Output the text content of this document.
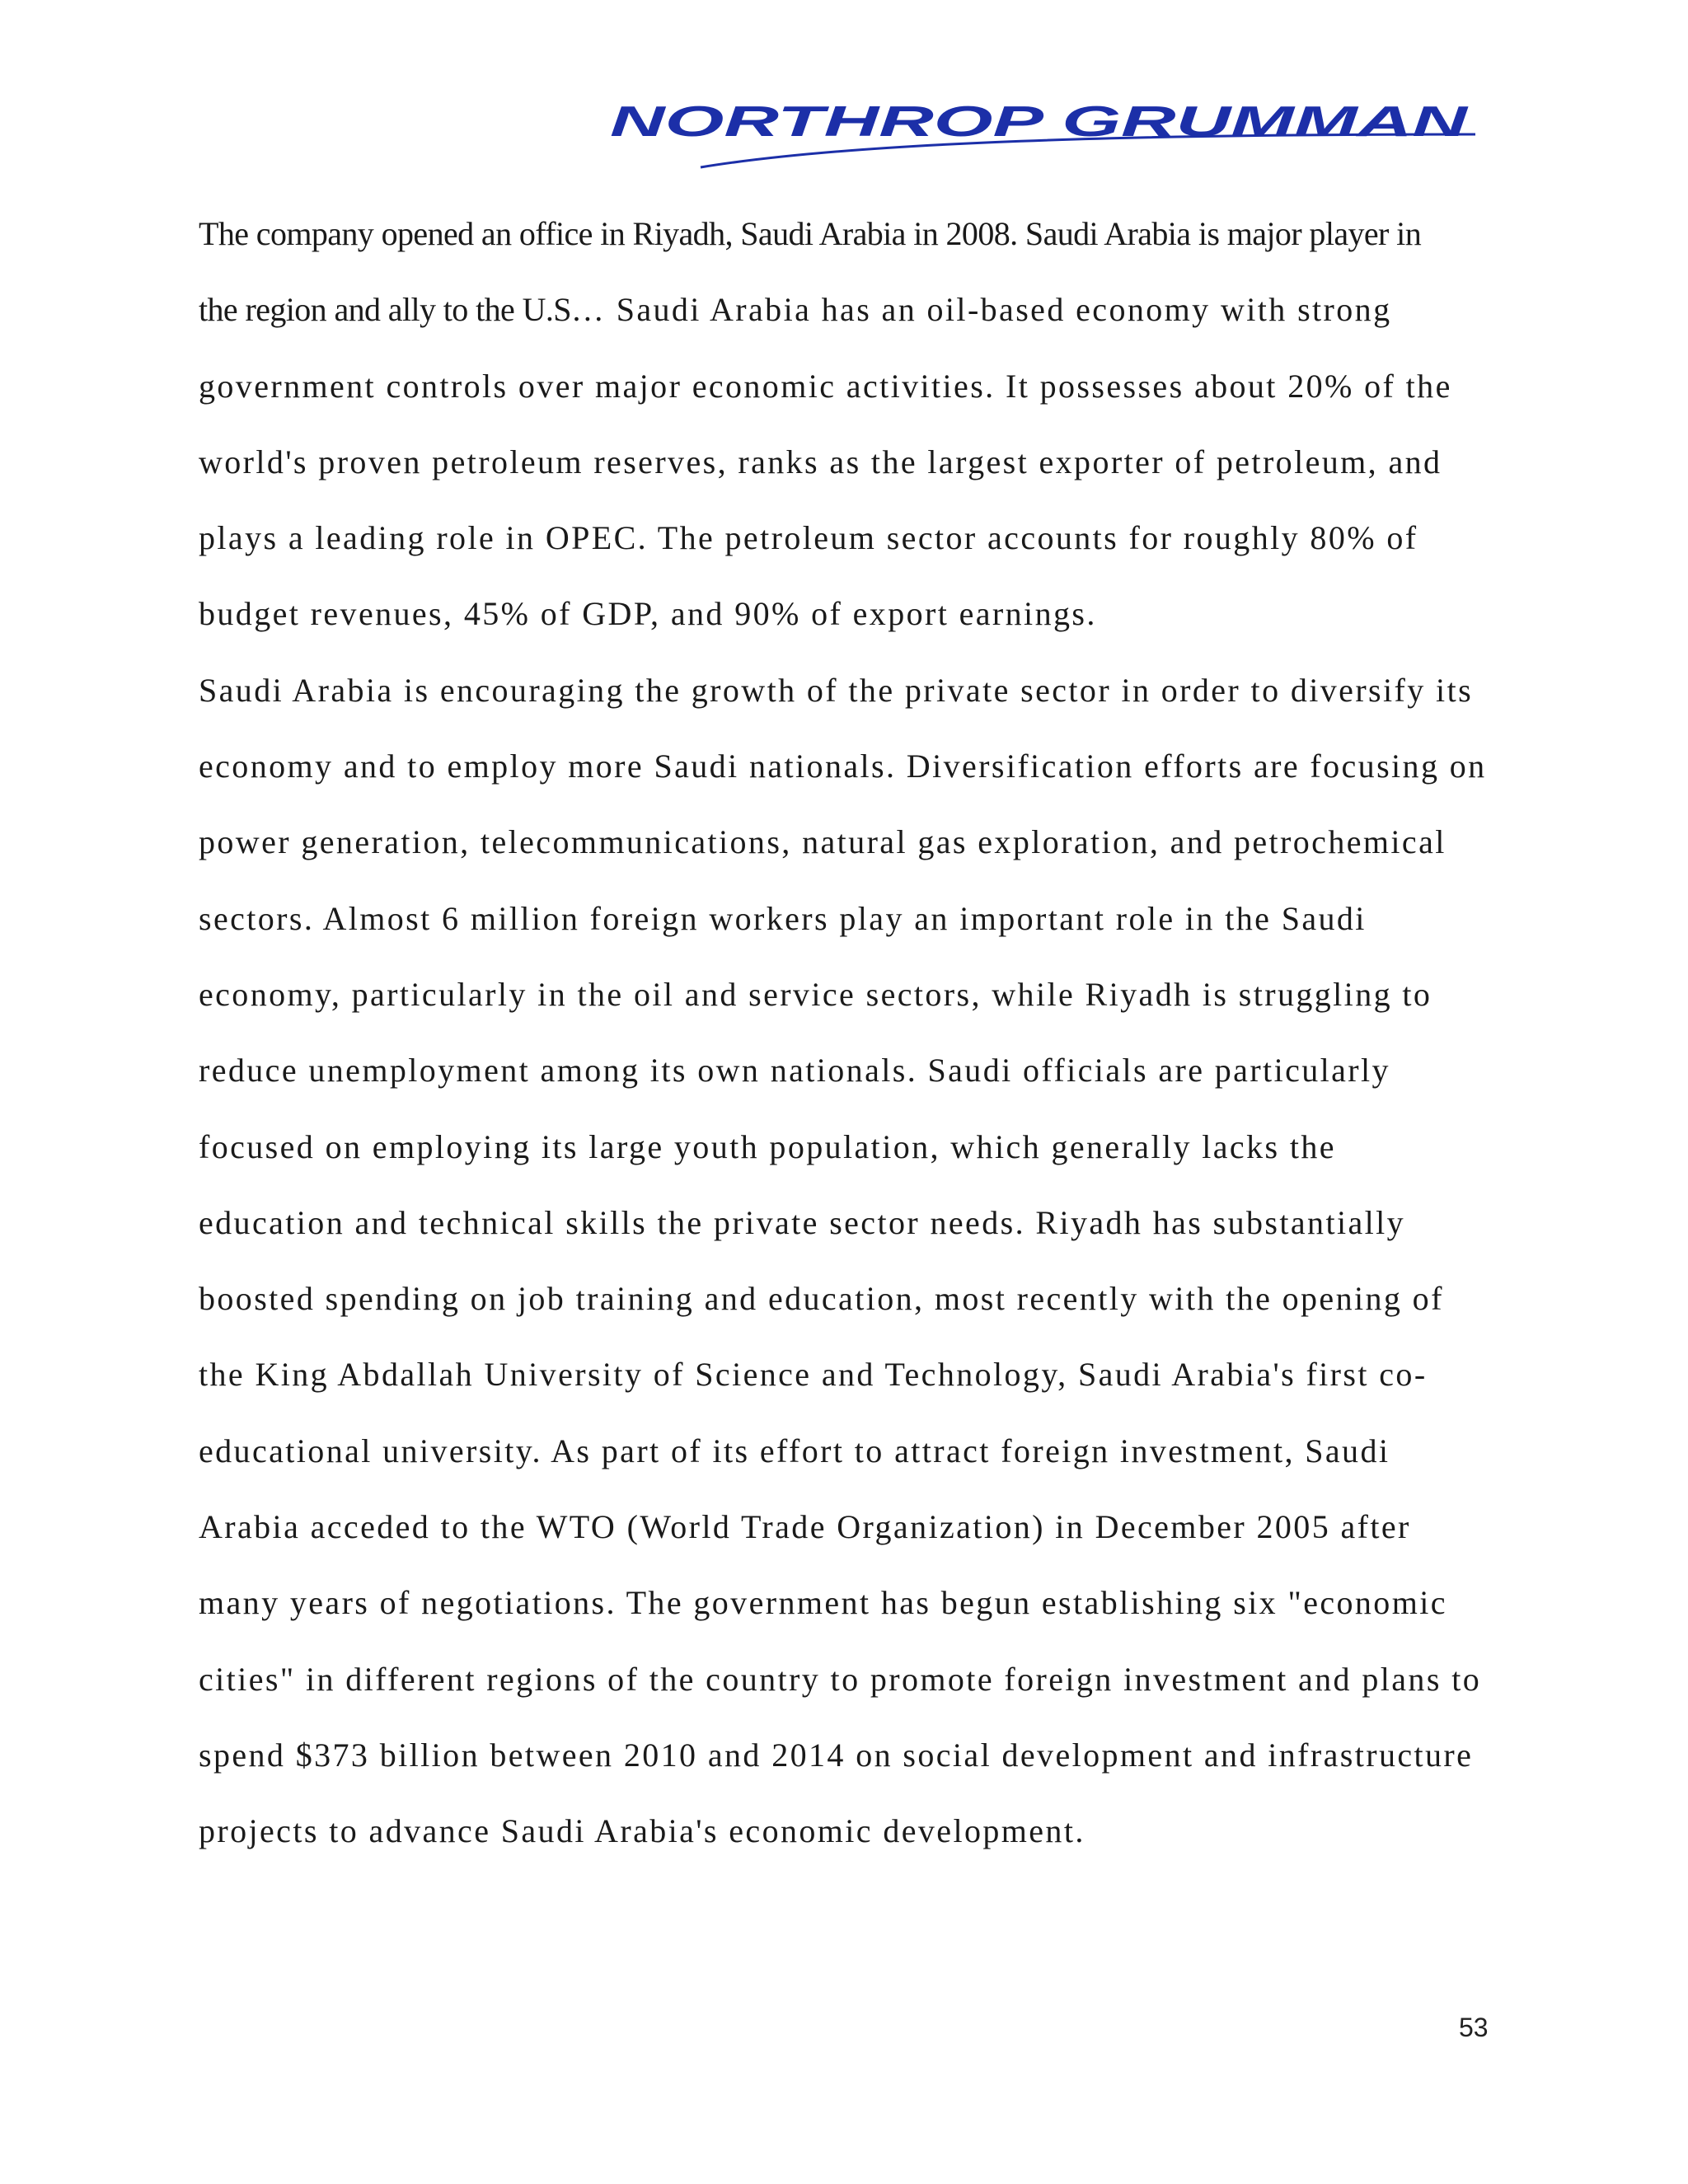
NORTHROP GRUMMAN
The company opened an office in Riyadh, Saudi Arabia in 2008. Saudi Arabia is major player in
the region and ally to the U.S… Saudi Arabia has an oil-based economy with strong
government controls over major economic activities. It possesses about 20% of the
world's proven petroleum reserves, ranks as the largest exporter of petroleum, and
plays a leading role in OPEC. The petroleum sector accounts for roughly 80% of
budget revenues, 45% of GDP, and 90% of export earnings.
Saudi Arabia is encouraging the growth of the private sector in order to diversify its
economy and to employ more Saudi nationals. Diversification efforts are focusing on
power generation, telecommunications, natural gas exploration, and petrochemical
sectors. Almost 6 million foreign workers play an important role in the Saudi
economy, particularly in the oil and service sectors, while Riyadh is struggling to
reduce unemployment among its own nationals. Saudi officials are particularly
focused on employing its large youth population, which generally lacks the
education and technical skills the private sector needs. Riyadh has substantially
boosted spending on job training and education, most recently with the opening of
the King Abdallah University of Science and Technology, Saudi Arabia's first co-
educational university. As part of its effort to attract foreign investment, Saudi
Arabia acceded to the WTO (World Trade Organization) in December 2005 after
many years of negotiations. The government has begun establishing six "economic
cities" in different regions of the country to promote foreign investment and plans to
spend $373 billion between 2010 and 2014 on social development and infrastructure
projects to advance Saudi Arabia's economic development.
53
